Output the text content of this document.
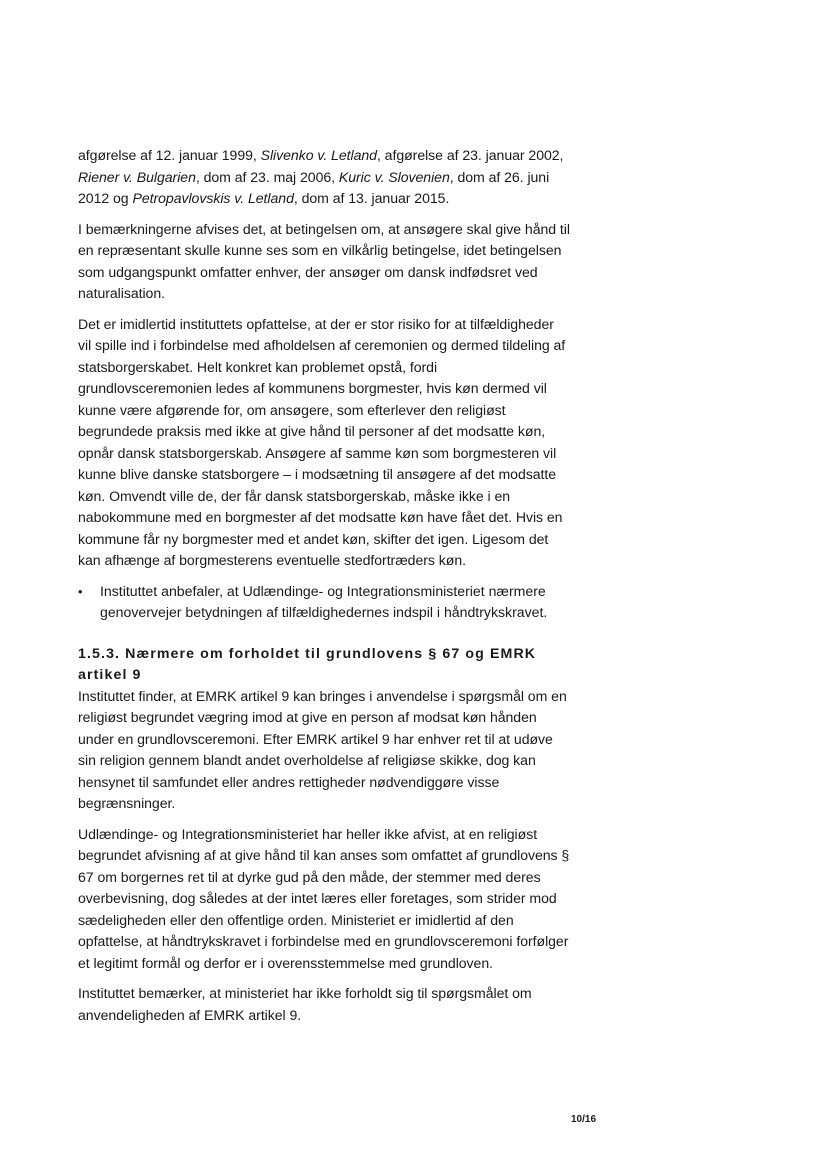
afgørelse af 12. januar 1999, Slivenko v. Letland, afgørelse af 23. januar 2002, Riener v. Bulgarien, dom af 23. maj 2006, Kuric v. Slovenien, dom af 26. juni 2012 og Petropavlovskis v. Letland, dom af 13. januar 2015.

I bemærkningerne afvises det, at betingelsen om, at ansøgere skal give hånd til en repræsentant skulle kunne ses som en vilkårlig betingelse, idet betingelsen som udgangspunkt omfatter enhver, der ansøger om dansk indfødsret ved naturalisation.

Det er imidlertid instituttets opfattelse, at der er stor risiko for at tilfældigheder vil spille ind i forbindelse med afholdelsen af ceremonien og dermed tildeling af statsborgerskabet. Helt konkret kan problemet opstå, fordi grundlovsceremonien ledes af kommunens borgmester, hvis køn dermed vil kunne være afgørende for, om ansøgere, som efterlever den religiøst begrundede praksis med ikke at give hånd til personer af det modsatte køn, opnår dansk statsborgerskab. Ansøgere af samme køn som borgmesteren vil kunne blive danske statsborgere – i modsætning til ansøgere af det modsatte køn. Omvendt ville de, der får dansk statsborgerskab, måske ikke i en nabokommune med en borgmester af det modsatte køn have fået det. Hvis en kommune får ny borgmester med et andet køn, skifter det igen. Ligesom det kan afhænge af borgmesterens eventuelle stedfortræders køn.

•	Instituttet anbefaler, at Udlændinge- og Integrationsministeriet nærmere genovervejer betydningen af tilfældighedernes indspil i håndtrykskravet.
1.5.3. Nærmere om forholdet til grundlovens § 67 og EMRK artikel 9

Instituttet finder, at EMRK artikel 9 kan bringes i anvendelse i spørgsmål om en religiøst begrundet vægring imod at give en person af modsat køn hånden under en grundlovsceremoni. Efter EMRK artikel 9 har enhver ret til at udøve sin religion gennem blandt andet overholdelse af religiøse skikke, dog kan hensynet til samfundet eller andres rettigheder nødvendiggøre visse begrænsninger.

Udlændinge- og Integrationsministeriet har heller ikke afvist, at en religiøst begrundet afvisning af at give hånd til kan anses som omfattet af grundlovens § 67 om borgernes ret til at dyrke gud på den måde, der stemmer med deres overbevisning, dog således at der intet læres eller foretages, som strider mod sædeligheden eller den offentlige orden. Ministeriet er imidlertid af den opfattelse, at håndtrykskravet i forbindelse med en grundlovsceremoni forfølger et legitimt formål og derfor er i overensstemmelse med grundloven.

Instituttet bemærker, at ministeriet har ikke forholdt sig til spørgsmålet om anvendeligheden af EMRK artikel 9.

10/16
